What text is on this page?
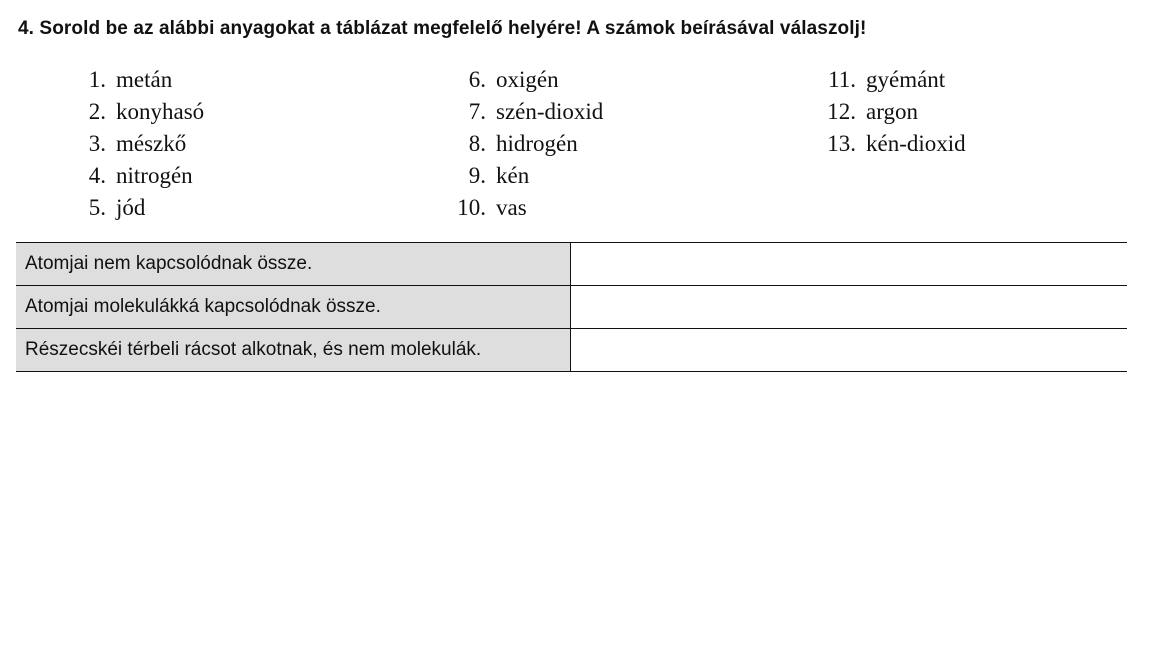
4. Sorold be az alábbi anyagokat a táblázat megfelelő helyére! A számok beírásával válaszolj!
1. metán
2. konyhasó
3. mészkő
4. nitrogén
5. jód
6. oxigén
7. szén-dioxid
8. hidrogén
9. kén
10. vas
11. gyémánt
12. argon
13. kén-dioxid
Atomjai nem kapcsolódnak össze.	
Atomjai molekulákká kapcsolódnak össze.	
Részecskéi térbeli rácsot alkotnak, és nem molekulák.	
